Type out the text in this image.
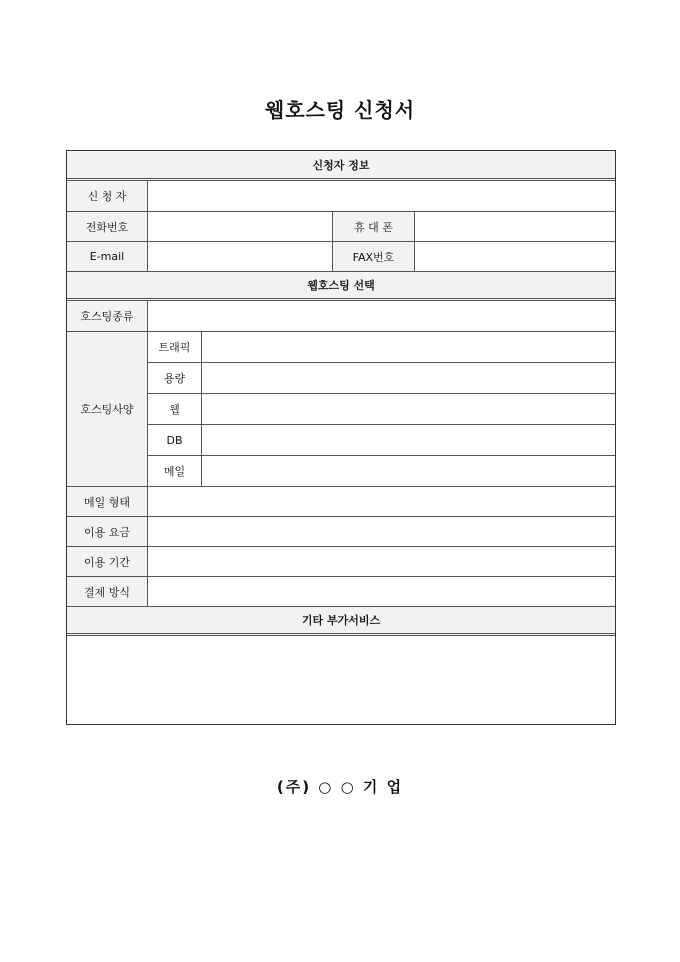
웹호스팅 신청서
신청자 정보
신 청 자
전화번호	휴 대 폰
E-mail	FAX번호
웹호스팅 선택
호스팅종류
호스팅사양
트래픽
용량
웹
DB
메일
메일 형태
이용 요금
이용 기간
결제 방식
기타 부가서비스
(주) ○ ○ 기 업
